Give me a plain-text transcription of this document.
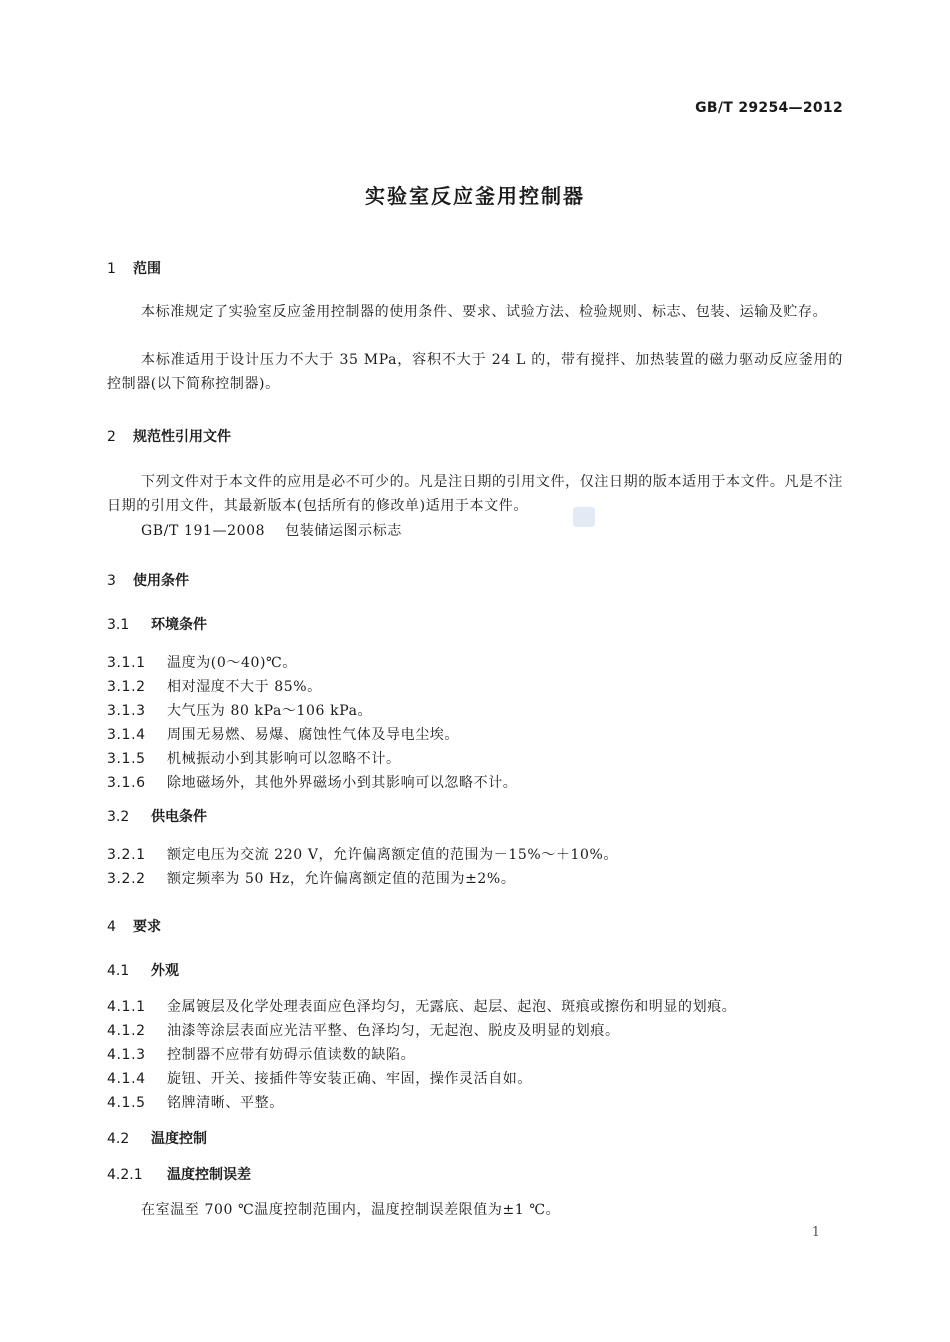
GB/T 29254—2012
实验室反应釜用控制器
1 范围
本标准规定了实验室反应釜用控制器的使用条件、要求、试验方法、检验规则、标志、包装、运输及贮存。
本标准适用于设计压力不大于 35 MPa，容积不大于 24 L 的，带有搅拌、加热装置的磁力驱动反应釜用的控制器(以下简称控制器)。
2 规范性引用文件
下列文件对于本文件的应用是必不可少的。凡是注日期的引用文件，仅注日期的版本适用于本文件。凡是不注日期的引用文件，其最新版本(包括所有的修改单)适用于本文件。
GB/T 191—2008 包装储运图示标志
3 使用条件
3.1 环境条件
3.1.1 温度为(0～40)℃。
3.1.2 相对湿度不大于 85%。
3.1.3 大气压为 80 kPa～106 kPa。
3.1.4 周围无易燃、易爆、腐蚀性气体及导电尘埃。
3.1.5 机械振动小到其影响可以忽略不计。
3.1.6 除地磁场外，其他外界磁场小到其影响可以忽略不计。
3.2 供电条件
3.2.1 额定电压为交流 220 V，允许偏离额定值的范围为－15%～＋10%。
3.2.2 额定频率为 50 Hz，允许偏离额定值的范围为±2%。
4 要求
4.1 外观
4.1.1 金属镀层及化学处理表面应色泽均匀，无露底、起层、起泡、斑痕或擦伤和明显的划痕。
4.1.2 油漆等涂层表面应光洁平整、色泽均匀，无起泡、脱皮及明显的划痕。
4.1.3 控制器不应带有妨碍示值读数的缺陷。
4.1.4 旋钮、开关、接插件等安装正确、牢固，操作灵活自如。
4.1.5 铭牌清晰、平整。
4.2 温度控制
4.2.1 温度控制误差
在室温至 700 ℃温度控制范围内，温度控制误差限值为±1 ℃。
1
